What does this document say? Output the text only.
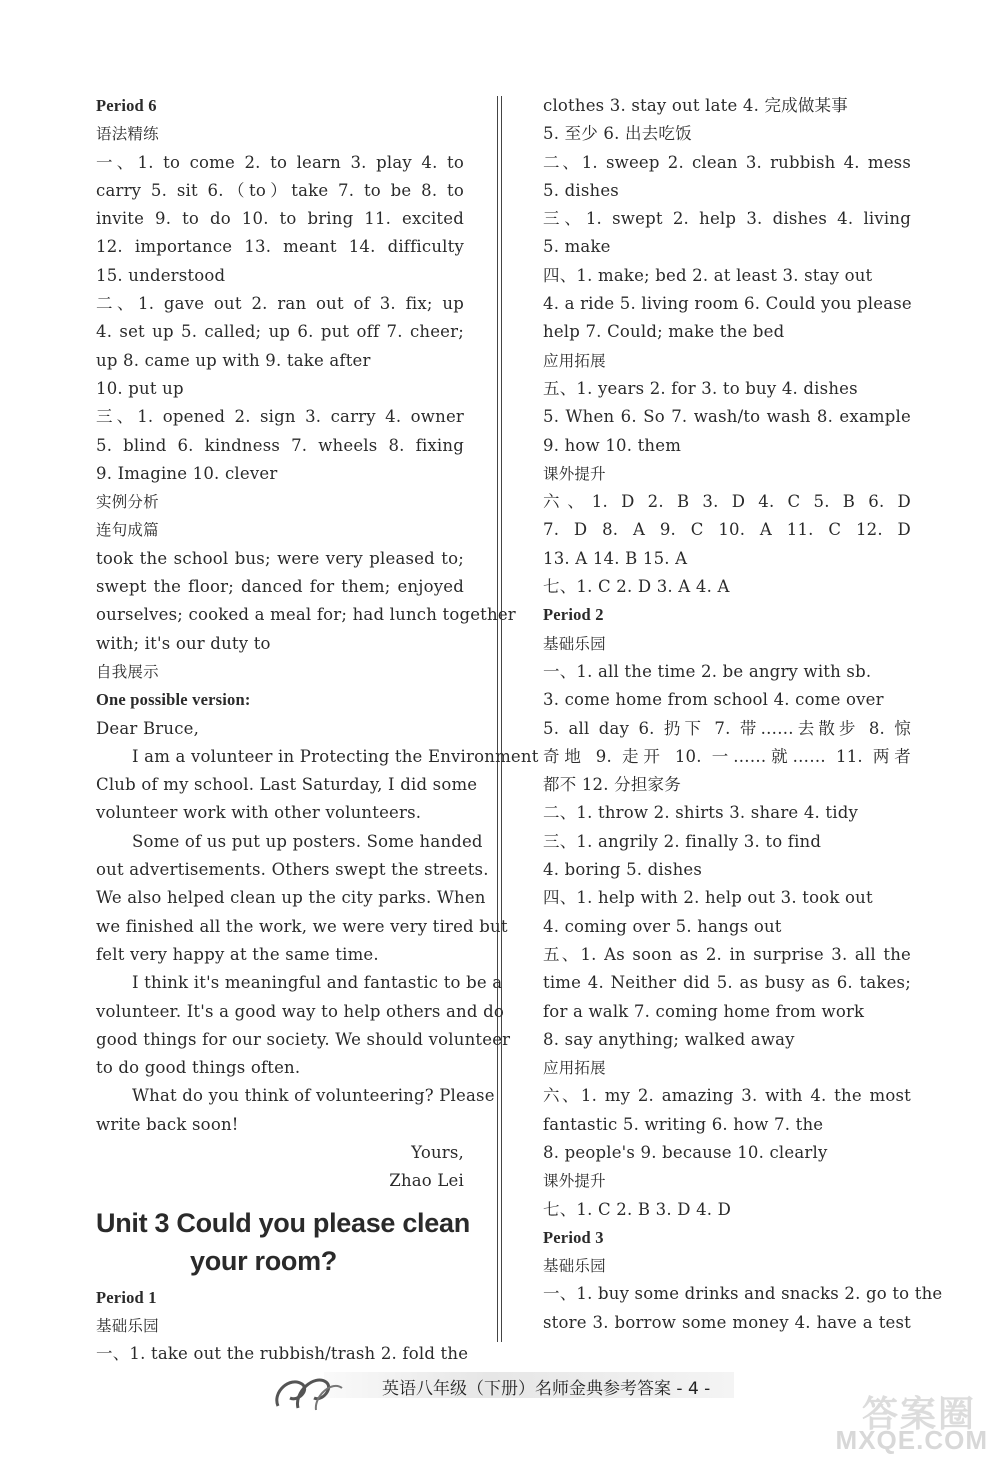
Period 6
语法精练
一、1. to come 2. to learn 3. play 4. to
carry 5. sit 6.（to）take 7. to be 8. to
invite 9. to do 10. to bring 11. excited
12. importance 13. meant 14. difficulty
15. understood
二、1. gave out 2. ran out of 3. fix; up
4. set up 5. called; up 6. put off 7. cheer;
up 8. came up with 9. take after
10. put up
三、1. opened 2. sign 3. carry 4. owner
5. blind 6. kindness 7. wheels 8. fixing
9. Imagine 10. clever
实例分析
连句成篇
took the school bus; were very pleased to;
swept the floor; danced for them; enjoyed
ourselves; cooked a meal for; had lunch together
with; it's our duty to
自我展示
One possible version:
Dear Bruce,
I am a volunteer in Protecting the Environment
Club of my school. Last Saturday, I did some
volunteer work with other volunteers.
Some of us put up posters. Some handed
out advertisements. Others swept the streets.
We also helped clean up the city parks. When
we finished all the work, we were very tired but
felt very happy at the same time.
I think it's meaningful and fantastic to be a
volunteer. It's a good way to help others and do
good things for our society. We should volunteer
to do good things often.
What do you think of volunteering? Please
write back soon!
Yours,
Zhao Lei
Unit 3 Could you please clean
your room?
Period 1
基础乐园
一、1. take out the rubbish/trash 2. fold the
clothes 3. stay out late 4. 完成做某事
5. 至少 6. 出去吃饭
二、1. sweep 2. clean 3. rubbish 4. mess
5. dishes
三、1. swept 2. help 3. dishes 4. living
5. make
四、1. make; bed 2. at least 3. stay out
4. a ride 5. living room 6. Could you please
help 7. Could; make the bed
应用拓展
五、1. years 2. for 3. to buy 4. dishes
5. When 6. So 7. wash/to wash 8. example
9. how 10. them
课外提升
六、1. D 2. B 3. D 4. C 5. B 6. D
7. D 8. A 9. C 10. A 11. C 12. D
13. A 14. B 15. A
七、1. C 2. D 3. A 4. A
Period 2
基础乐园
一、1. all the time 2. be angry with sb.
3. come home from school 4. come over
5. all day 6. 扔下 7. 带……去散步 8. 惊
奇地 9. 走开 10. 一……就…… 11. 两者
都不 12. 分担家务
二、1. throw 2. shirts 3. share 4. tidy
三、1. angrily 2. finally 3. to find
4. boring 5. dishes
四、1. help with 2. help out 3. took out
4. coming over 5. hangs out
五、1. As soon as 2. in surprise 3. all the
time 4. Neither did 5. as busy as 6. takes;
for a walk 7. coming home from work
8. say anything; walked away
应用拓展
六、1. my 2. amazing 3. with 4. the most
fantastic 5. writing 6. how 7. the
8. people's 9. because 10. clearly
课外提升
七、1. C 2. B 3. D 4. D
Period 3
基础乐园
一、1. buy some drinks and snacks 2. go to the
store 3. borrow some money 4. have a test
英语八年级（下册）名师金典参考答案 - 4 -
答案圈
MXQE.COM
